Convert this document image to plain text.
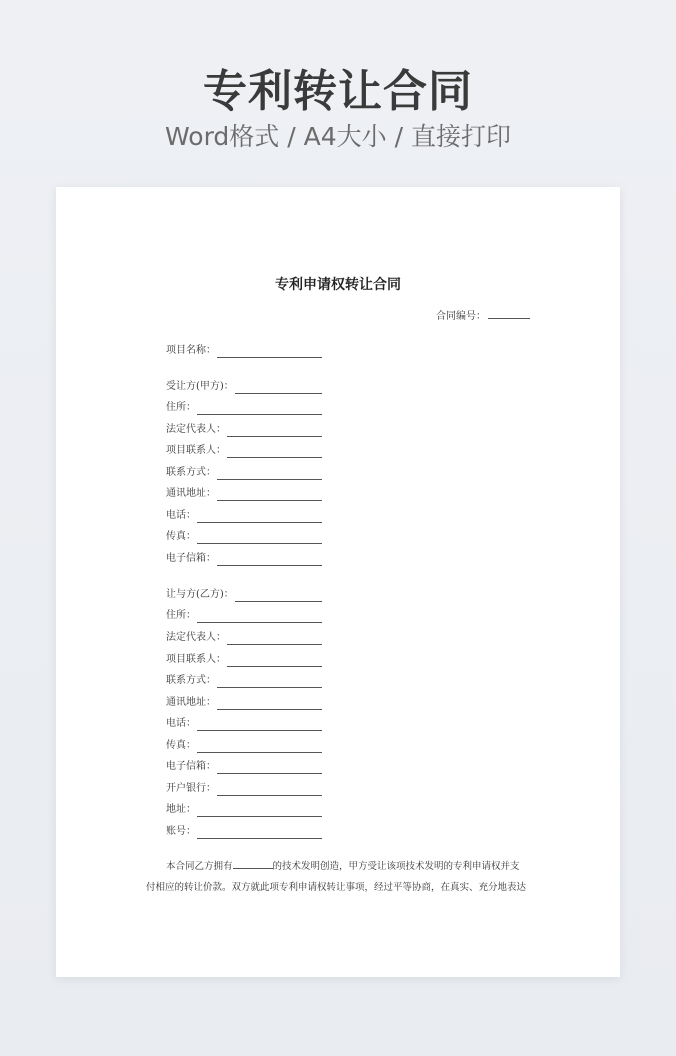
专利转让合同
Word格式 / A4大小 / 直接打印
专利申请权转让合同
合同编号：
项目名称：
受让方(甲方)：
住所：
法定代表人：
项目联系人：
联系方式：
通讯地址：
电话：
传真：
电子信箱：
让与方(乙方)：
住所：
法定代表人：
项目联系人：
联系方式：
通讯地址：
电话：
传真：
电子信箱：
开户银行：
地址：
账号：
本合同乙方拥有	的技术发明创造，甲方受让该项技术发明的专利申请权并支
付相应的转让价款。双方就此项专利申请权转让事项，经过平等协商，在真实、充分地表达
